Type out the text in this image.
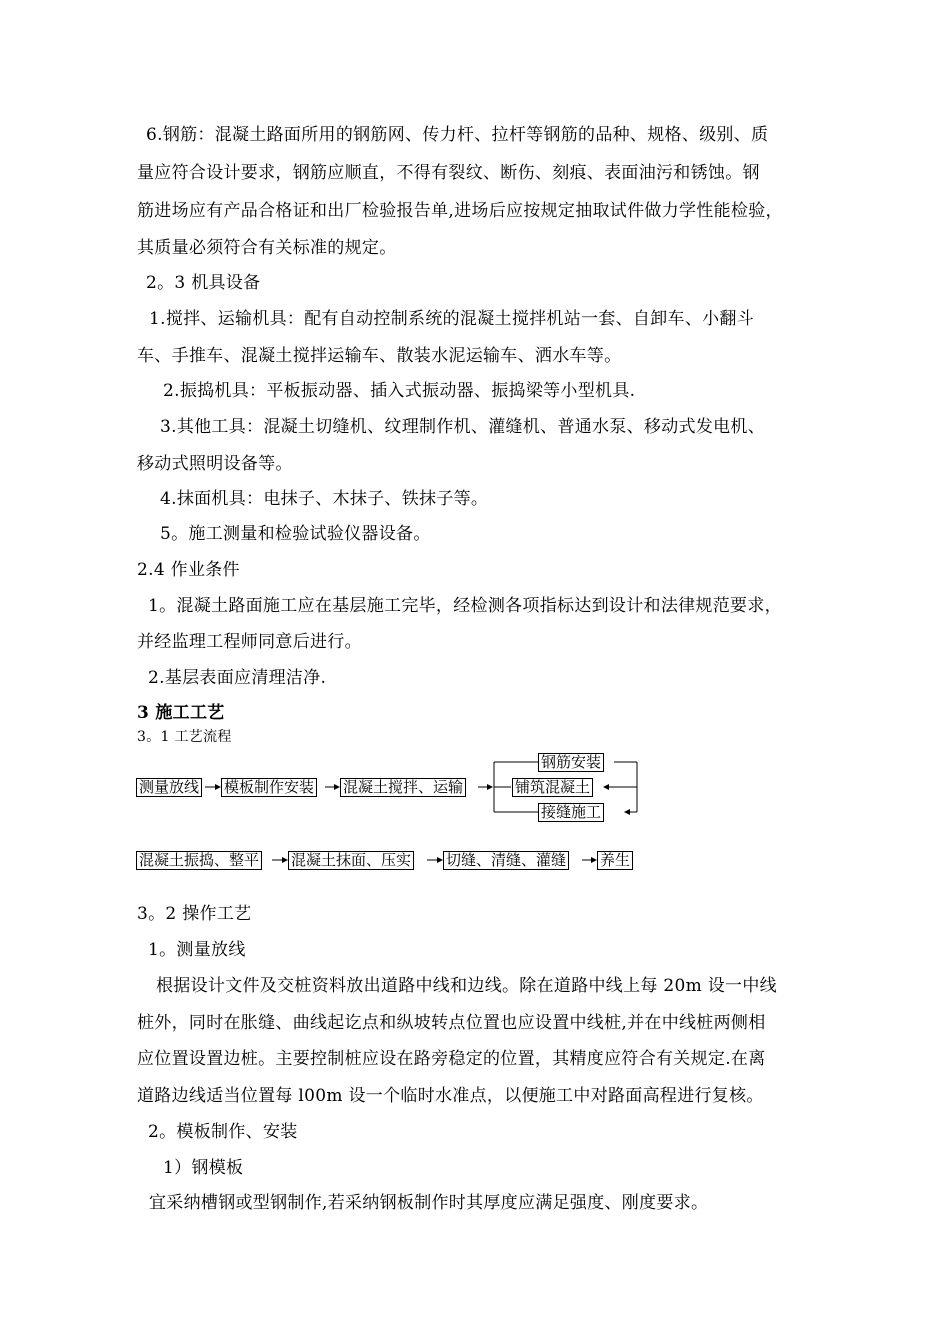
6.钢筋：混凝土路面所用的钢筋网、传力杆、拉杆等钢筋的品种、规格、级别、质
量应符合设计要求，钢筋应顺直，不得有裂纹、断伤、刻痕、表面油污和锈蚀。钢
筋进场应有产品合格证和出厂检验报告单,进场后应按规定抽取试件做力学性能检验，
其质量必须符合有关标准的规定。
2。3 机具设备
1.搅拌、运输机具：配有自动控制系统的混凝土搅拌机站一套、自卸车、小翻斗
车、手推车、混凝土搅拌运输车、散装水泥运输车、洒水车等。
2.振捣机具：平板振动器、插入式振动器、振捣梁等小型机具.
3.其他工具：混凝土切缝机、纹理制作机、灌缝机、普通水泵、移动式发电机、
移动式照明设备等。
4.抹面机具：电抹子、木抹子、铁抹子等。
5。施工测量和检验试验仪器设备。
2.4 作业条件
1。混凝土路面施工应在基层施工完毕，经检测各项指标达到设计和法律规范要求，
并经监理工程师同意后进行。
2.基层表面应清理洁净.
3 施工工艺
3。1 工艺流程
测量放线 模板制作安装 混凝土搅拌、运输
钢筋安装
铺筑混凝土
接缝施工
混凝土振捣、整平 混凝土抹面、压实 切缝、清缝、灌缝 养生
3。2 操作工艺
1。测量放线
根据设计文件及交桩资料放出道路中线和边线。除在道路中线上每 20m 设一中线
桩外，同时在胀缝、曲线起讫点和纵坡转点位置也应设置中线桩,并在中线桩两侧相
应位置设置边桩。主要控制桩应设在路旁稳定的位置，其精度应符合有关规定.在离
道路边线适当位置每 l00m 设一个临时水准点，以便施工中对路面高程进行复核。
2。模板制作、安装
1）钢模板
宜采纳槽钢或型钢制作,若采纳钢板制作时其厚度应满足强度、刚度要求。
